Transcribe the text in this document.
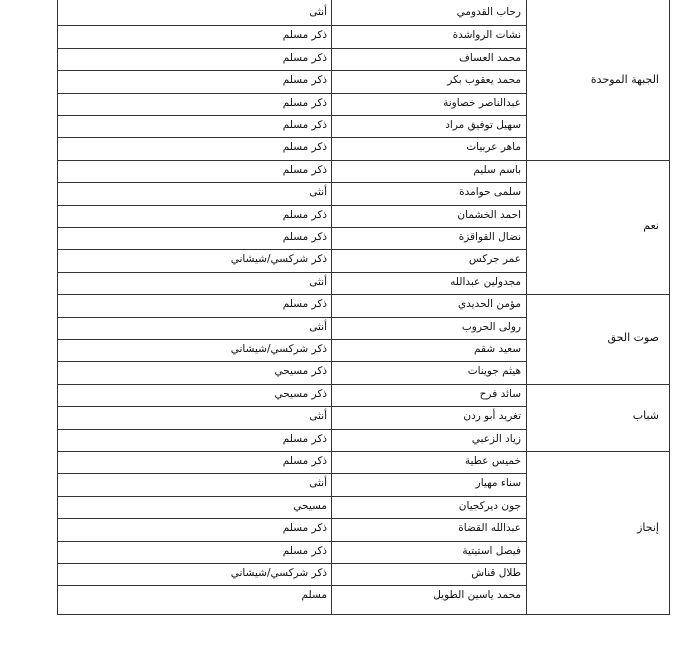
رحاب القدومي
أنثى
نشات الرواشدة
ذكر مسلم
محمد العساف
ذكر مسلم
محمد يعقوب بكر
ذكر مسلم
عبدالناصر خصاونة
ذكر مسلم
سهيل توفيق مراد
ذكر مسلم
ماهر عربيات
ذكر مسلم
الجبهة الموحدة
باسم سليم
ذكر مسلم
سلمى حوامدة
أنثى
احمد الخشمان
ذكر مسلم
نضال القواقزة
ذكر مسلم
عمر جركس
ذكر شركسي/شيشاني
مجدولين عبدالله
أنثى
نعم
مؤمن الحديدي
ذكر مسلم
رولى الحروب
أنثى
سعيد شقم
ذكر شركسي/شيشاني
هيثم جوينات
ذكر مسيحي
صوت الحق
سائد فرح
ذكر مسيحي
تغريد أبو ردن
أنثى
زياد الزعبي
ذكر مسلم
شباب
خميس عطية
ذكر مسلم
سناء مهيار
أنثى
جون ديركجيان
مسيحي
عبدالله القضاة
ذكر مسلم
فيصل استيتية
ذكر مسلم
طلال قناش
ذكر شركسي/شيشاني
محمد ياسين الطويل
مسلم
إنجاز
